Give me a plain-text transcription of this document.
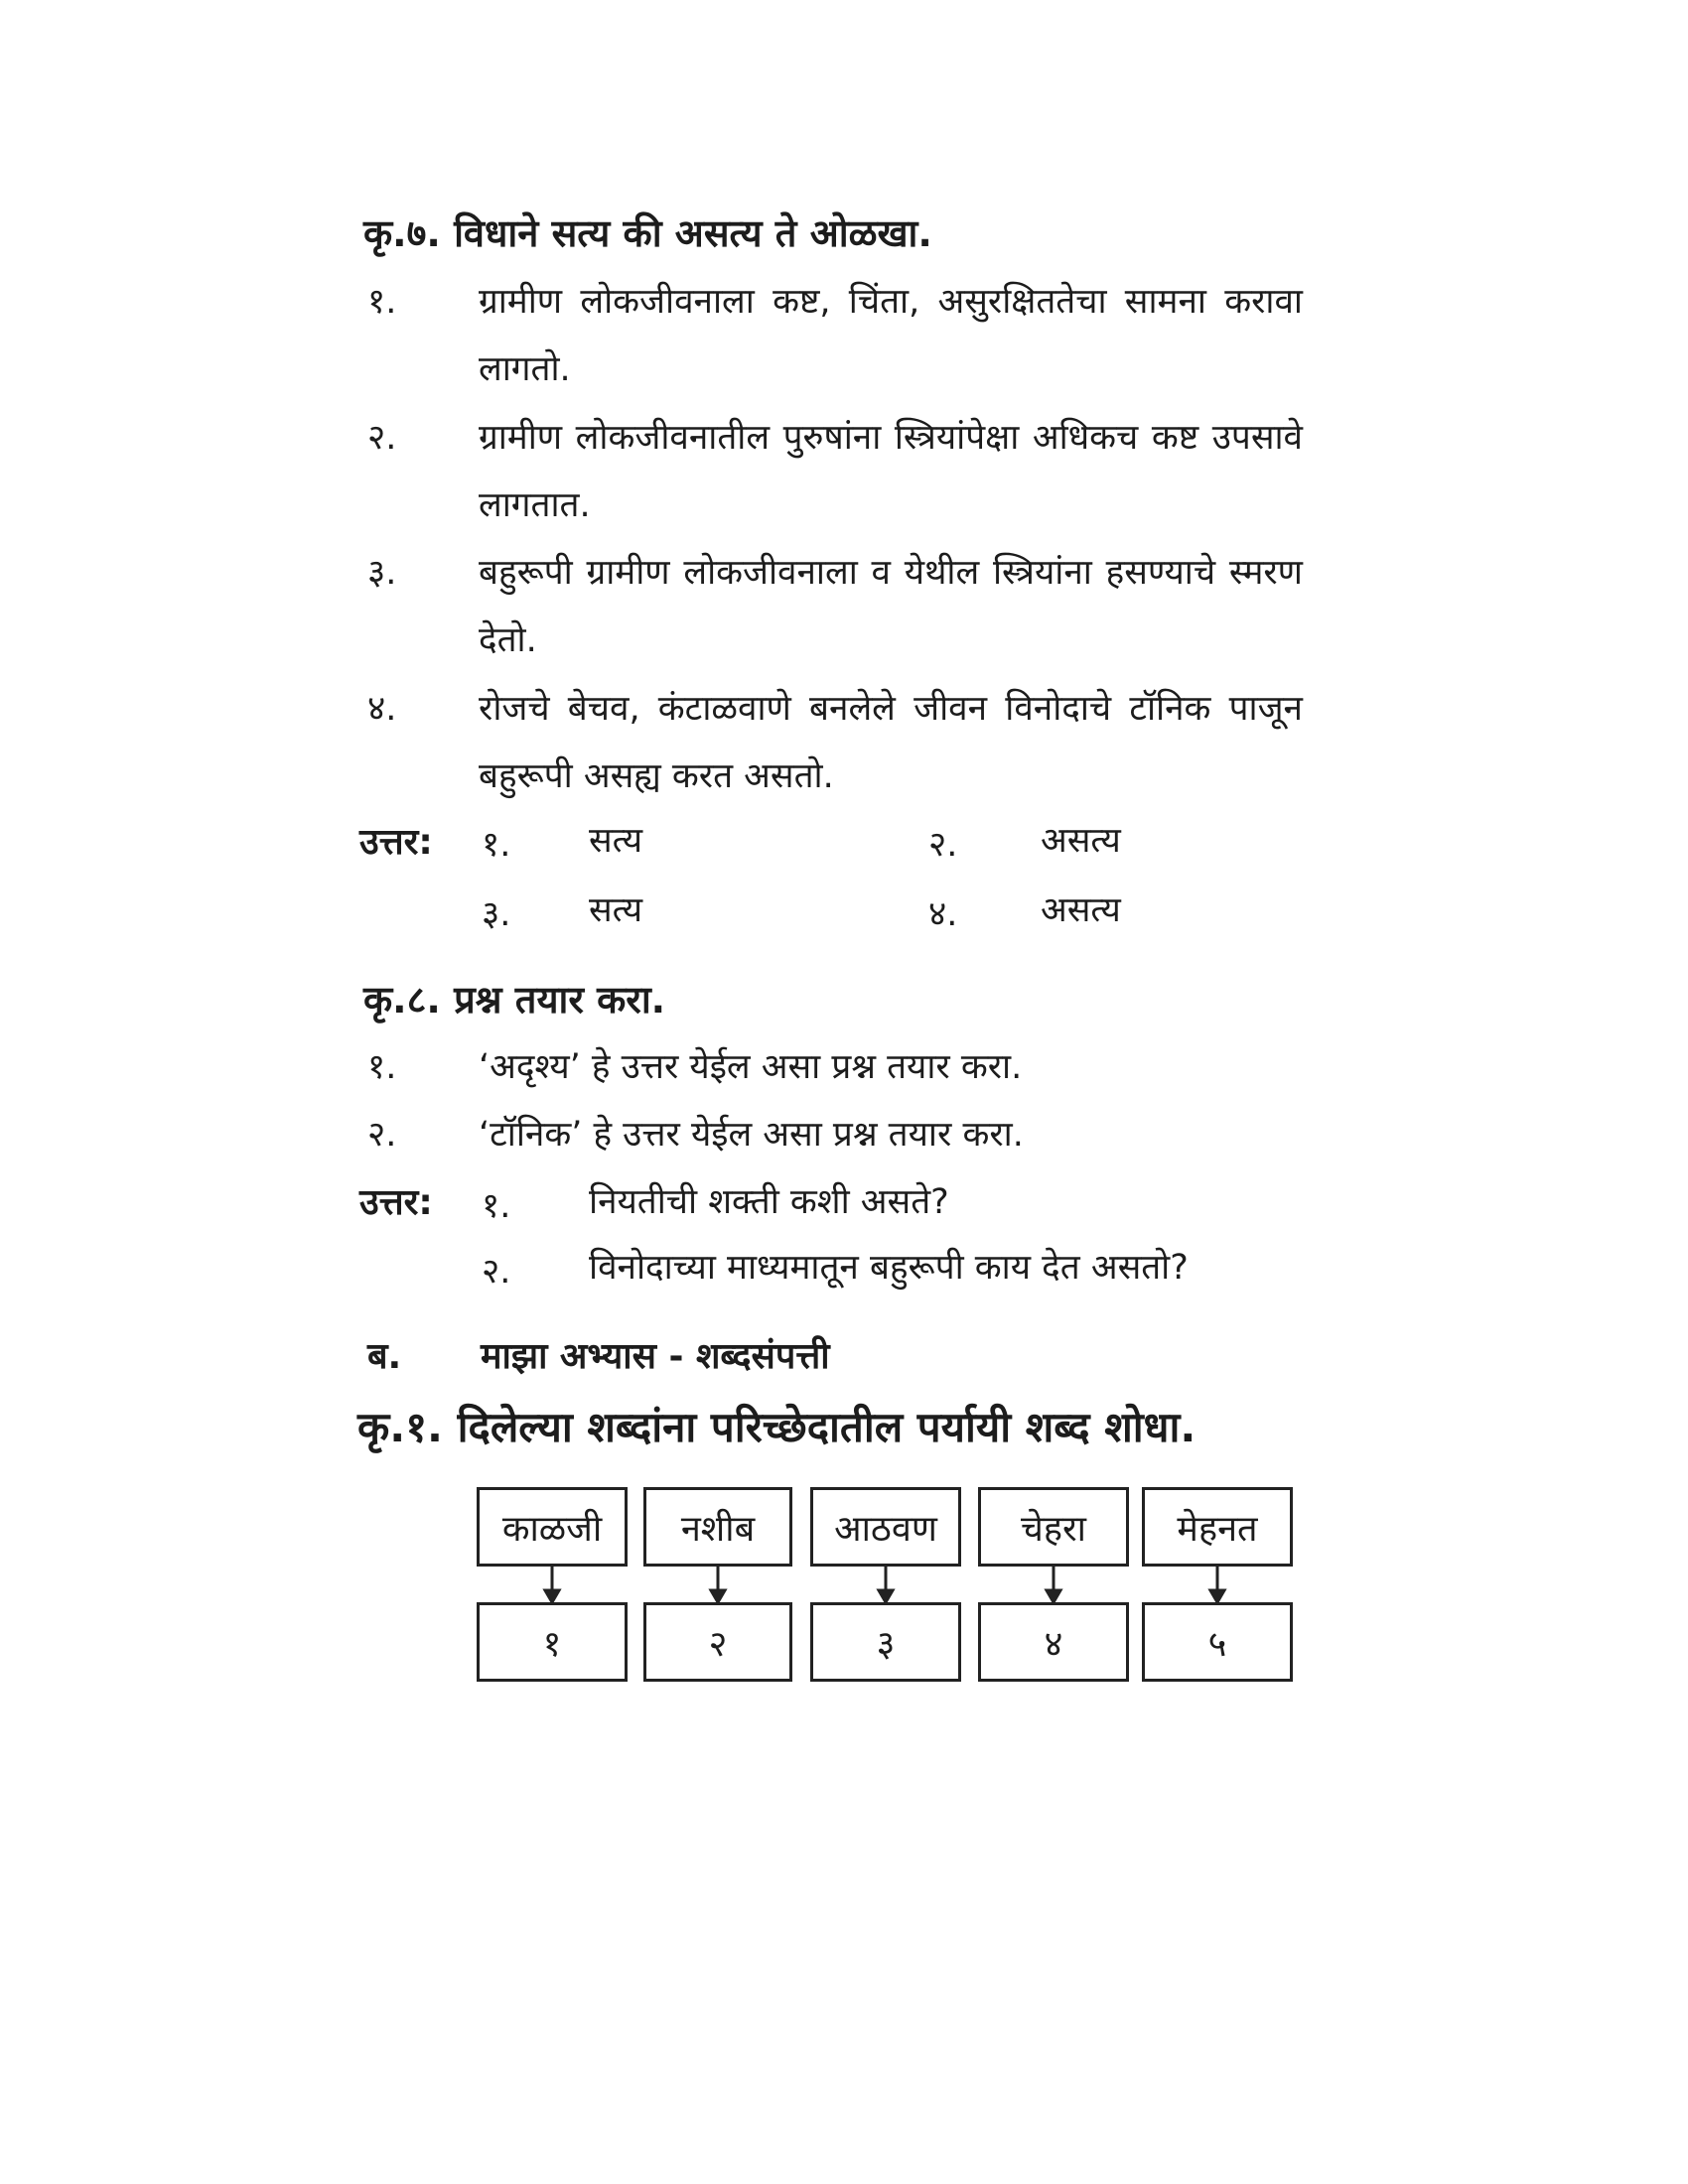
कृ.७. विधाने सत्य की असत्य ते ओळखा.
१.	ग्रामीण लोकजीवनाला कष्ट, चिंता, असुरक्षिततेचा सामना करावा लागतो.
२.	ग्रामीण लोकजीवनातील पुरुषांना स्त्रियांपेक्षा अधिकच कष्ट उपसावे लागतात.
३.	बहुरूपी ग्रामीण लोकजीवनाला व येथील स्त्रियांना हसण्याचे स्मरण देतो.
४.	रोजचे बेचव, कंटाळवाणे बनलेले जीवन विनोदाचे टॉनिक पाजून बहुरूपी असह्य करत असतो.
उत्तर: १. सत्य	२. असत्य
३. सत्य	४. असत्य
कृ.८. प्रश्न तयार करा.
१. ‘अदृश्य’ हे उत्तर येईल असा प्रश्न तयार करा.
२. ‘टॉनिक’ हे उत्तर येईल असा प्रश्न तयार करा.
उत्तर: १. नियतीची शक्ती कशी असते?
२. विनोदाच्या माध्यमातून बहुरूपी काय देत असतो?
ब. माझा अभ्यास - शब्दसंपत्ती
कृ.१. दिलेल्या शब्दांना परिच्छेदातील पर्यायी शब्द शोधा.
काळजी	नशीब	आठवण	चेहरा	मेहनत
१	२	३	४	५
